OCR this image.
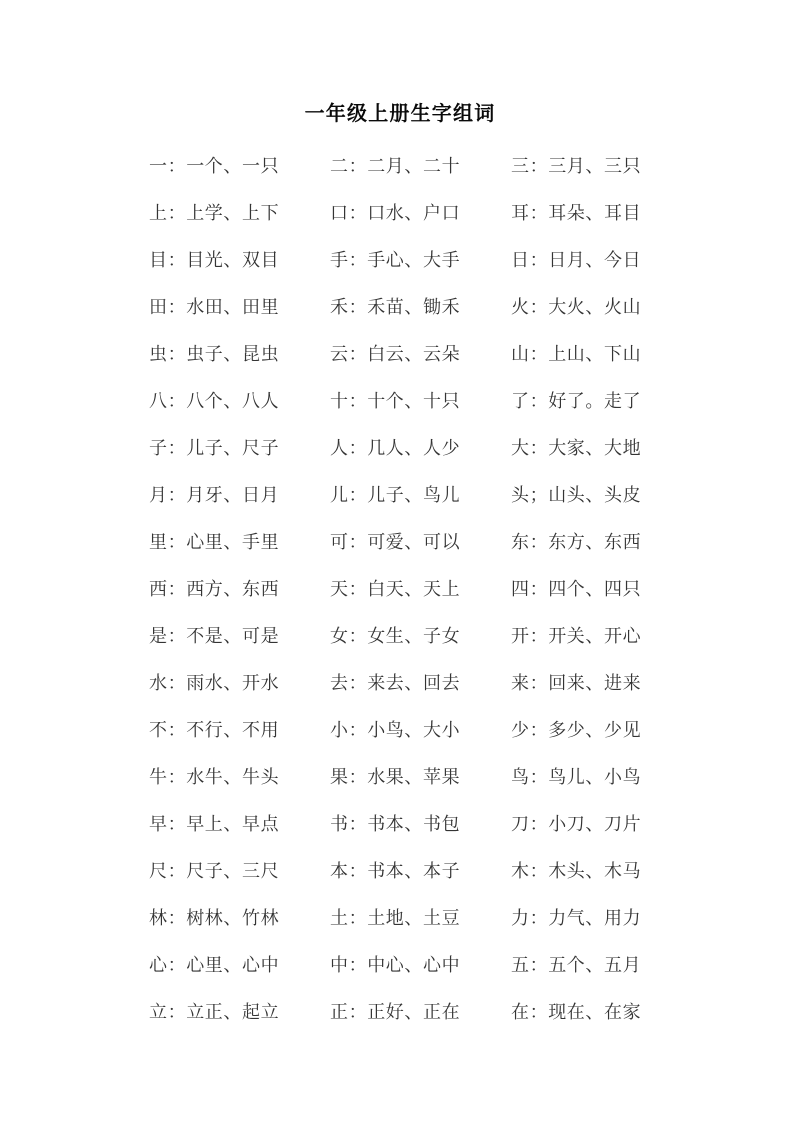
一年级上册生字组词
一：一个、一只	二：二月、二十	三：三月、三只
上：上学、上下	口：口水、户口	耳：耳朵、耳目
目：目光、双目	手：手心、大手	日：日月、今日
田：水田、田里	禾：禾苗、锄禾	火：大火、火山
虫：虫子、昆虫	云：白云、云朵	山：上山、下山
八：八个、八人	十：十个、十只	了：好了。走了
子：儿子、尺子	人：几人、人少	大：大家、大地
月：月牙、日月	儿：儿子、鸟儿	头；山头、头皮
里：心里、手里	可：可爱、可以	东：东方、东西
西：西方、东西	天：白天、天上	四：四个、四只
是：不是、可是	女：女生、子女	开：开关、开心
水：雨水、开水	去：来去、回去	来：回来、进来
不：不行、不用	小：小鸟、大小	少：多少、少见
牛：水牛、牛头	果：水果、苹果	鸟：鸟儿、小鸟
早：早上、早点	书：书本、书包	刀：小刀、刀片
尺：尺子、三尺	本：书本、本子	木：木头、木马
林：树林、竹林	土：土地、土豆	力：力气、用力
心：心里、心中	中：中心、心中	五：五个、五月
立：立正、起立	正：正好、正在	在：现在、在家
